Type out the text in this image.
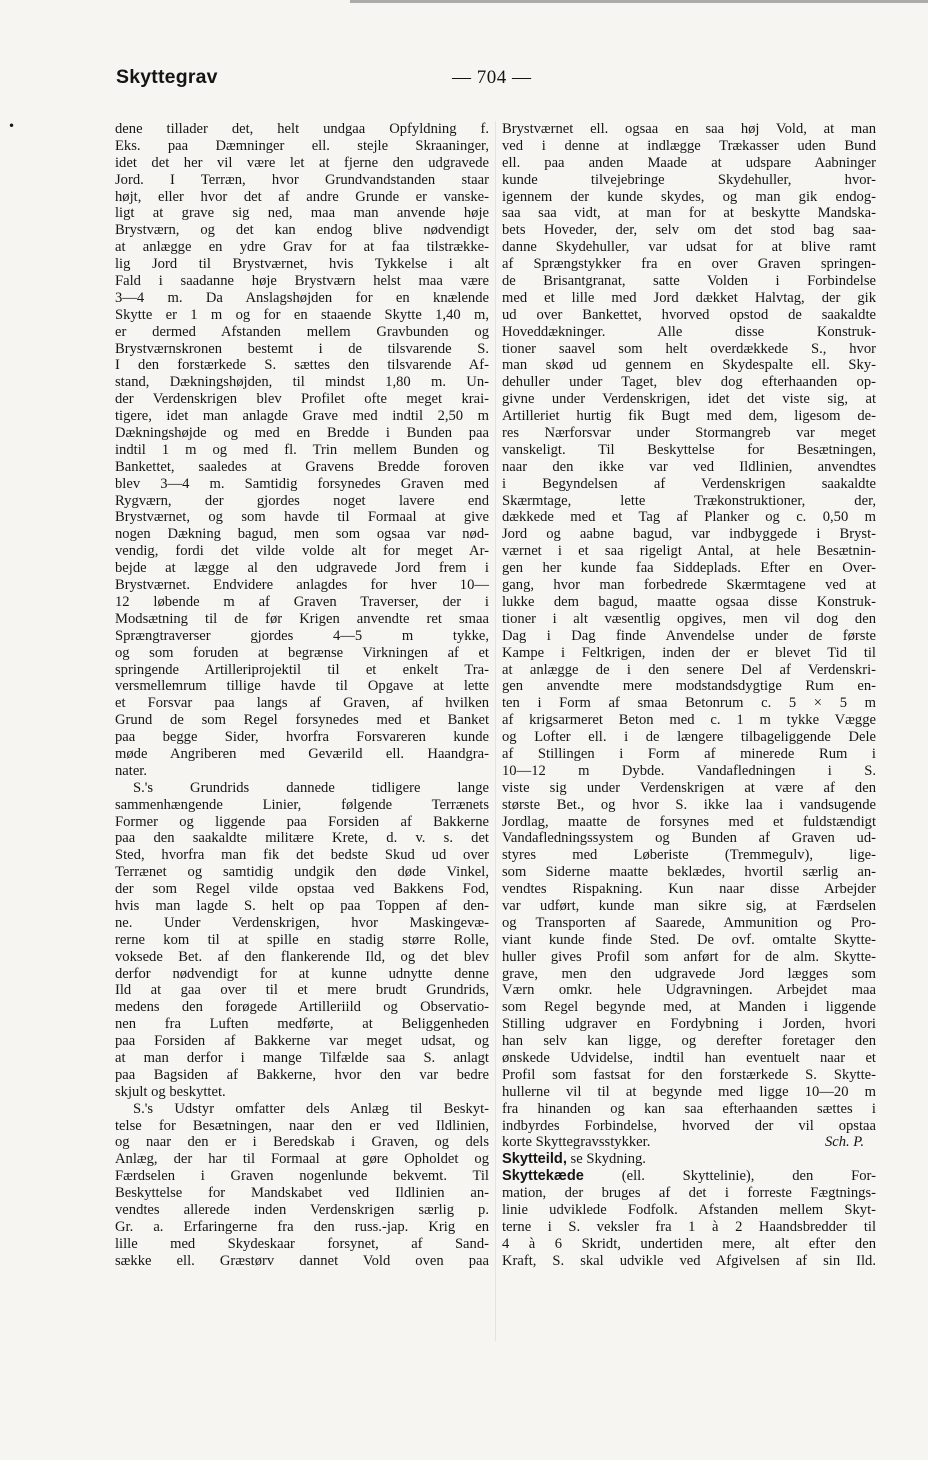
•
Skyttegrav	— 704 —
dene tillader det, helt undgaa Opfyldning f.
Eks. paa Dæmninger ell. stejle Skraaninger,
idet det her vil være let at fjerne den udgravede
Jord. I Terræn, hvor Grundvandstanden staar
højt, eller hvor det af andre Grunde er vanske-
ligt at grave sig ned, maa man anvende høje
Brystværn, og det kan endog blive nødvendigt
at anlægge en ydre Grav for at faa tilstrække-
lig Jord til Brystværnet, hvis Tykkelse i alt
Fald i saadanne høje Brystværn helst maa være
3—4 m. Da Anslagshøjden for en knælende
Skytte er 1 m og for en staaende Skytte 1,40 m,
er dermed Afstanden mellem Gravbunden og
Brystværnskronen bestemt i de tilsvarende S.
I den forstærkede S. sættes den tilsvarende Af-
stand, Dækningshøjden, til mindst 1,80 m. Un-
der Verdenskrigen blev Profilet ofte meget krai-
tigere, idet man anlagde Grave med indtil 2,50 m
Dækningshøjde og med en Bredde i Bunden paa
indtil 1 m og med fl. Trin mellem Bunden og
Bankettet, saaledes at Gravens Bredde foroven
blev 3—4 m. Samtidig forsynedes Graven med
Rygværn, der gjordes noget lavere end
Brystværnet, og som havde til Formaal at give
nogen Dækning bagud, men som ogsaa var nød-
vendig, fordi det vilde volde alt for meget Ar-
bejde at lægge al den udgravede Jord frem i
Brystværnet. Endvidere anlagdes for hver 10—
12 løbende m af Graven Traverser, der i
Modsætning til de før Krigen anvendte ret smaa
Sprængtraverser gjordes 4—5 m tykke,
og som foruden at begrænse Virkningen af et
springende Artilleriprojektil til et enkelt Tra-
versmellemrum tillige havde til Opgave at lette
et Forsvar paa langs af Graven, af hvilken
Grund de som Regel forsynedes med et Banket
paa begge Sider, hvorfra Forsvareren kunde
møde Angriberen med Geværild ell. Haandgra-
nater.
S.'s Grundrids dannede tidligere lange
sammenhængende Linier, følgende Terrænets
Former og liggende paa Forsiden af Bakkerne
paa den saakaldte militære Krete, d. v. s. det
Sted, hvorfra man fik det bedste Skud ud over
Terrænet og samtidig undgik den døde Vinkel,
der som Regel vilde opstaa ved Bakkens Fod,
hvis man lagde S. helt op paa Toppen af den-
ne. Under Verdenskrigen, hvor Maskingevæ-
rerne kom til at spille en stadig større Rolle,
voksede Bet. af den flankerende Ild, og det blev
derfor nødvendigt for at kunne udnytte denne
Ild at gaa over til et mere brudt Grundrids,
medens den forøgede Artilleriild og Observatio-
nen fra Luften medførte, at Beliggenheden
paa Forsiden af Bakkerne var meget udsat, og
at man derfor i mange Tilfælde saa S. anlagt
paa Bagsiden af Bakkerne, hvor den var bedre
skjult og beskyttet.
S.'s Udstyr omfatter dels Anlæg til Beskyt-
telse for Besætningen, naar den er ved Ildlinien,
og naar den er i Beredskab i Graven, og dels
Anlæg, der har til Formaal at gøre Opholdet og
Færdselen i Graven nogenlunde bekvemt. Til
Beskyttelse for Mandskabet ved Ildlinien an-
vendtes allerede inden Verdenskrigen særlig p.
Gr. a. Erfaringerne fra den russ.-jap. Krig en
lille med Skydeskaar forsynet, af Sand-
sække ell. Græstørv dannet Vold oven paa
Brystværnet ell. ogsaa en saa høj Vold, at man
ved i denne at indlægge Trækasser uden Bund
ell. paa anden Maade at udspare Aabninger
kunde tilvejebringe Skydehuller, hvor-
igennem der kunde skydes, og man gik endog-
saa saa vidt, at man for at beskytte Mandska-
bets Hoveder, der, selv om det stod bag saa-
danne Skydehuller, var udsat for at blive ramt
af Sprængstykker fra en over Graven springen-
de Brisantgranat, satte Volden i Forbindelse
med et lille med Jord dækket Halvtag, der gik
ud over Bankettet, hvorved opstod de saakaldte
Hoveddækninger. Alle disse Konstruk-
tioner saavel som helt overdækkede S., hvor
man skød ud gennem en Skydespalte ell. Sky-
dehuller under Taget, blev dog efterhaanden op-
givne under Verdenskrigen, idet det viste sig, at
Artilleriet hurtig fik Bugt med dem, ligesom de-
res Nærforsvar under Stormangreb var meget
vanskeligt. Til Beskyttelse for Besætningen,
naar den ikke var ved Ildlinien, anvendtes
i Begyndelsen af Verdenskrigen saakaldte
Skærmtage, lette Trækonstruktioner, der,
dækkede med et Tag af Planker og c. 0,50 m
Jord og aabne bagud, var indbyggede i Bryst-
værnet i et saa rigeligt Antal, at hele Besætnin-
gen her kunde faa Siddeplads. Efter en Over-
gang, hvor man forbedrede Skærmtagene ved at
lukke dem bagud, maatte ogsaa disse Konstruk-
tioner i alt væsentlig opgives, men vil dog den
Dag i Dag finde Anvendelse under de første
Kampe i Feltkrigen, inden der er blevet Tid til
at anlægge de i den senere Del af Verdenskri-
gen anvendte mere modstandsdygtige Rum en-
ten i Form af smaa Betonrum c. 5 × 5 m
af krigsarmeret Beton med c. 1 m tykke Vægge
og Lofter ell. i de længere tilbageliggende Dele
af Stillingen i Form af minerede Rum i
10—12 m Dybde. Vandafledningen i S.
viste sig under Verdenskrigen at være af den
største Bet., og hvor S. ikke laa i vandsugende
Jordlag, maatte de forsynes med et fuldstændigt
Vandafledningssystem og Bunden af Graven ud-
styres med Løberiste (Tremmegulv), lige-
som Siderne maatte beklædes, hvortil særlig an-
vendtes Rispakning. Kun naar disse Arbejder
var udført, kunde man sikre sig, at Færdselen
og Transporten af Saarede, Ammunition og Pro-
viant kunde finde Sted. De ovf. omtalte Skytte-
huller gives Profil som anført for de alm. Skytte-
grave, men den udgravede Jord lægges som
Værn omkr. hele Udgravningen. Arbejdet maa
som Regel begynde med, at Manden i liggende
Stilling udgraver en Fordybning i Jorden, hvori
han selv kan ligge, og derefter foretager den
ønskede Udvidelse, indtil han eventuelt naar et
Profil som fastsat for den forstærkede S. Skytte-
hullerne vil til at begynde med ligge 10—20 m
fra hinanden og kan saa efterhaanden sættes i
indbyrdes Forbindelse, hvorved der vil opstaa
korte Skyttegravsstykker.	Sch. P.
Skytteild, se Skydning.
Skyttekæde	(ell. Skyttelinie), den For-
mation, der bruges af det i forreste Fægtnings-
linie udviklede Fodfolk. Afstanden mellem Skyt-
terne i S. veksler fra 1 à 2 Haandsbredder til
4 à 6 Skridt, undertiden mere, alt efter den
Kraft, S. skal udvikle ved Afgivelsen af sin Ild.
